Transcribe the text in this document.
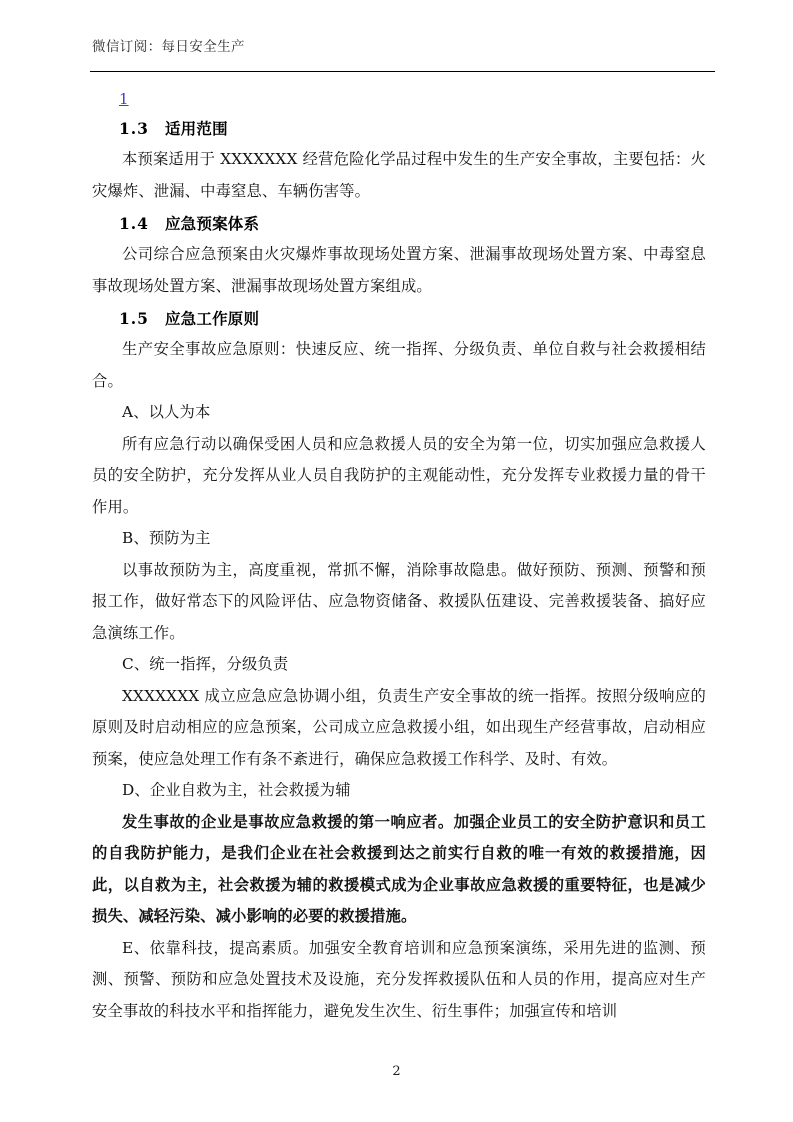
微信订阅：每日安全生产
1
1.3 适用范围

本预案适用于 XXXXXXX 经营危险化学品过程中发生的生产安全事故，主要包括：火灾爆炸、泄漏、中毒窒息、车辆伤害等。

1.4 应急预案体系

公司综合应急预案由火灾爆炸事故现场处置方案、泄漏事故现场处置方案、中毒窒息事故现场处置方案、泄漏事故现场处置方案组成。

1.5 应急工作原则

生产安全事故应急原则：快速反应、统一指挥、分级负责、单位自救与社会救援相结合。

A、以人为本

所有应急行动以确保受困人员和应急救援人员的安全为第一位，切实加强应急救援人员的安全防护，充分发挥从业人员自我防护的主观能动性，充分发挥专业救援力量的骨干作用。

B、预防为主

以事故预防为主，高度重视，常抓不懈，消除事故隐患。做好预防、预测、预警和预报工作，做好常态下的风险评估、应急物资储备、救援队伍建设、完善救援装备、搞好应急演练工作。

C、统一指挥，分级负责

XXXXXXX 成立应急应急协调小组，负责生产安全事故的统一指挥。按照分级响应的原则及时启动相应的应急预案，公司成立应急救援小组，如出现生产经营事故，启动相应预案，使应急处理工作有条不紊进行，确保应急救援工作科学、及时、有效。

D、企业自救为主，社会救援为辅

发生事故的企业是事故应急救援的第一响应者。加强企业员工的安全防护意识和员工的自我防护能力，是我们企业在社会救援到达之前实行自救的唯一有效的救援措施，因此，以自救为主，社会救援为辅的救援模式成为企业事故应急救援的重要特征，也是减少损失、减轻污染、减小影响的必要的救援措施。

E、依靠科技，提高素质。加强安全教育培训和应急预案演练，采用先进的监测、预测、预警、预防和应急处置技术及设施，充分发挥救援队伍和人员的作用，提高应对生产安全事故的科技水平和指挥能力，避免发生次生、衍生事件；加强宣传和培训

2
